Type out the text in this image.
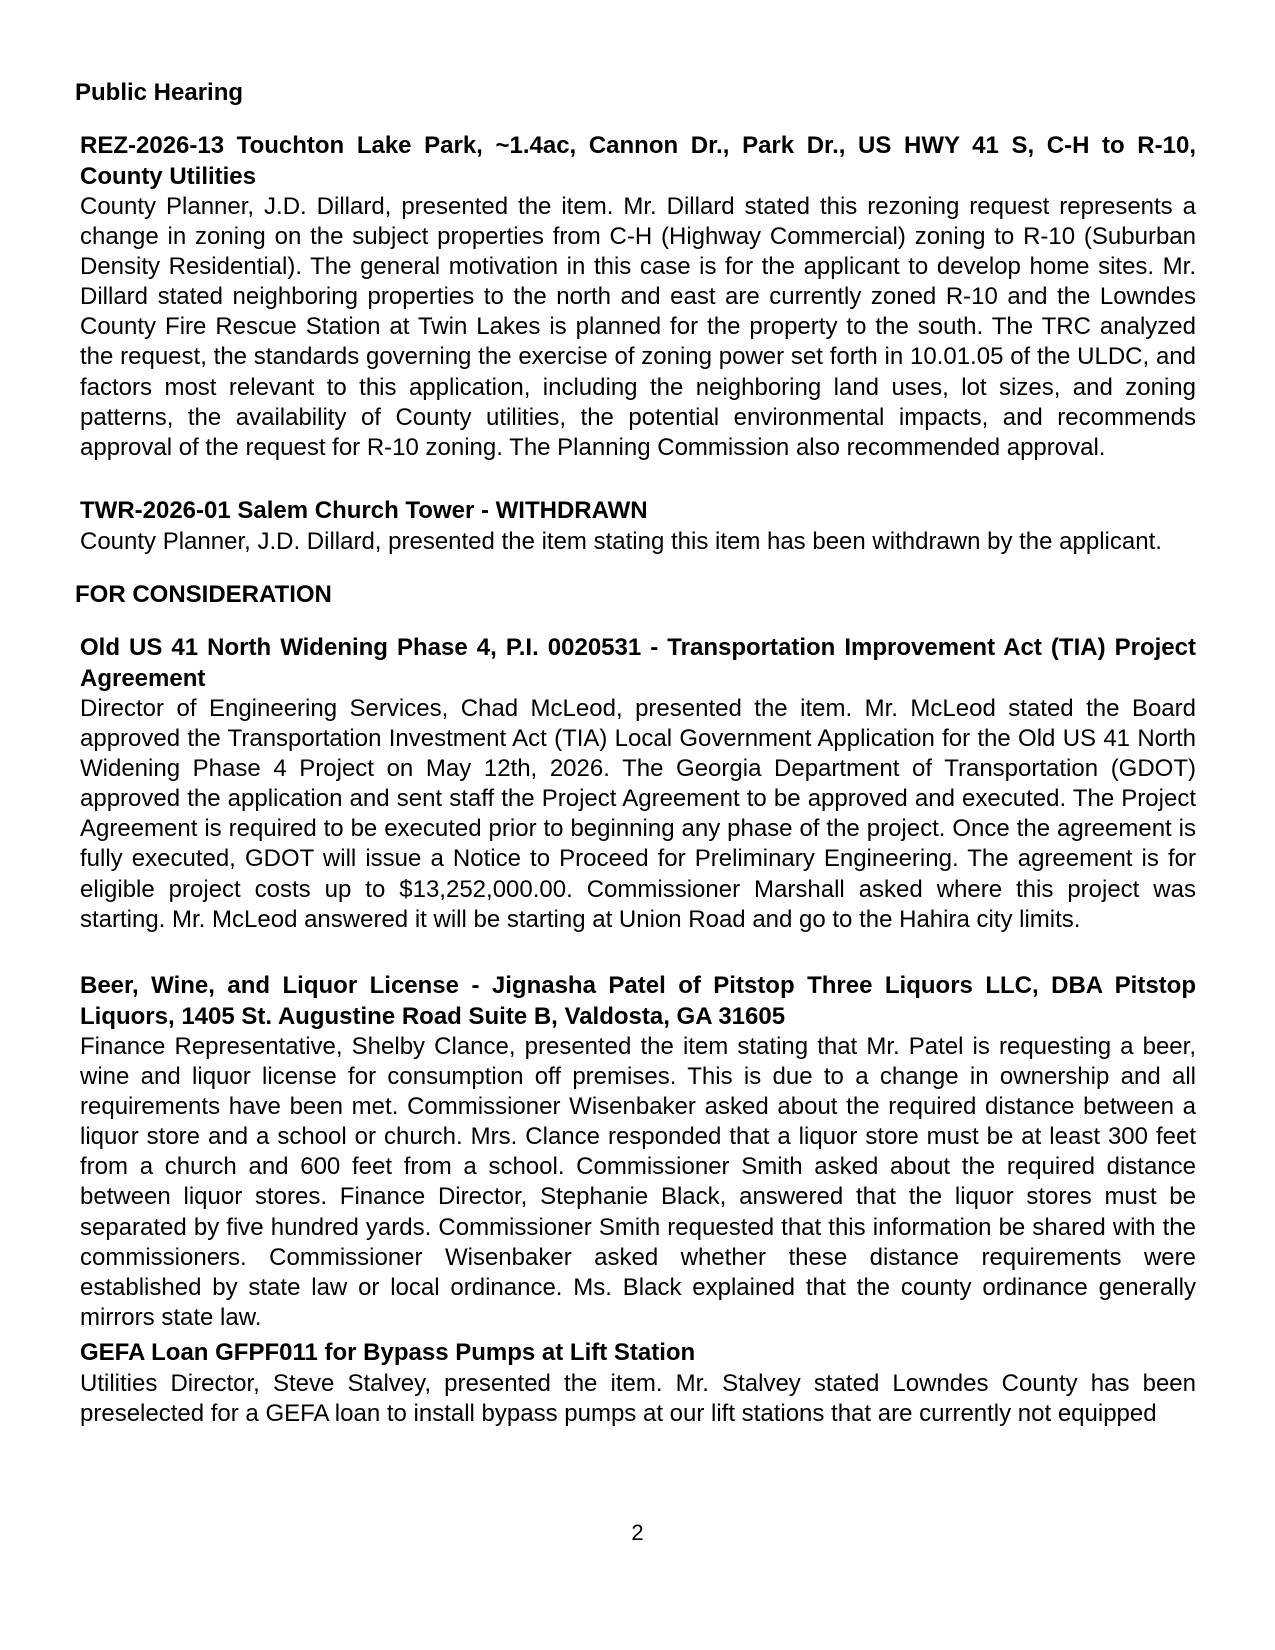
Public Hearing

REZ-2026-13 Touchton Lake Park, ~1.4ac, Cannon Dr., Park Dr., US HWY 41 S, C-H to R-10, County Utilities

County Planner, J.D. Dillard, presented the item. Mr. Dillard stated this rezoning request represents a change in zoning on the subject properties from C-H (Highway Commercial) zoning to R-10 (Suburban Density Residential). The general motivation in this case is for the applicant to develop home sites. Mr. Dillard stated neighboring properties to the north and east are currently zoned R-10 and the Lowndes County Fire Rescue Station at Twin Lakes is planned for the property to the south. The TRC analyzed the request, the standards governing the exercise of zoning power set forth in 10.01.05 of the ULDC, and factors most relevant to this application, including the neighboring land uses, lot sizes, and zoning patterns, the availability of County utilities, the potential environmental impacts, and recommends approval of the request for R-10 zoning. The Planning Commission also recommended approval.

TWR-2026-01 Salem Church Tower - WITHDRAWN

County Planner, J.D. Dillard, presented the item stating this item has been withdrawn by the applicant.

FOR CONSIDERATION

Old US 41 North Widening Phase 4, P.I. 0020531 - Transportation Improvement Act (TIA) Project Agreement

Director of Engineering Services, Chad McLeod, presented the item. Mr. McLeod stated the Board approved the Transportation Investment Act (TIA) Local Government Application for the Old US 41 North Widening Phase 4 Project on May 12th, 2026. The Georgia Department of Transportation (GDOT) approved the application and sent staff the Project Agreement to be approved and executed. The Project Agreement is required to be executed prior to beginning any phase of the project. Once the agreement is fully executed, GDOT will issue a Notice to Proceed for Preliminary Engineering. The agreement is for eligible project costs up to $13,252,000.00. Commissioner Marshall asked where this project was starting. Mr. McLeod answered it will be starting at Union Road and go to the Hahira city limits.

Beer, Wine, and Liquor License - Jignasha Patel of Pitstop Three Liquors LLC, DBA Pitstop Liquors, 1405 St. Augustine Road Suite B, Valdosta, GA 31605

Finance Representative, Shelby Clance, presented the item stating that Mr. Patel is requesting a beer, wine and liquor license for consumption off premises. This is due to a change in ownership and all requirements have been met. Commissioner Wisenbaker asked about the required distance between a liquor store and a school or church. Mrs. Clance responded that a liquor store must be at least 300 feet from a church and 600 feet from a school. Commissioner Smith asked about the required distance between liquor stores. Finance Director, Stephanie Black, answered that the liquor stores must be separated by five hundred yards. Commissioner Smith requested that this information be shared with the commissioners. Commissioner Wisenbaker asked whether these distance requirements were established by state law or local ordinance. Ms. Black explained that the county ordinance generally mirrors state law.

GEFA Loan GFPF011 for Bypass Pumps at Lift Station

Utilities Director, Steve Stalvey, presented the item. Mr. Stalvey stated Lowndes County has been preselected for a GEFA loan to install bypass pumps at our lift stations that are currently not equipped

2
